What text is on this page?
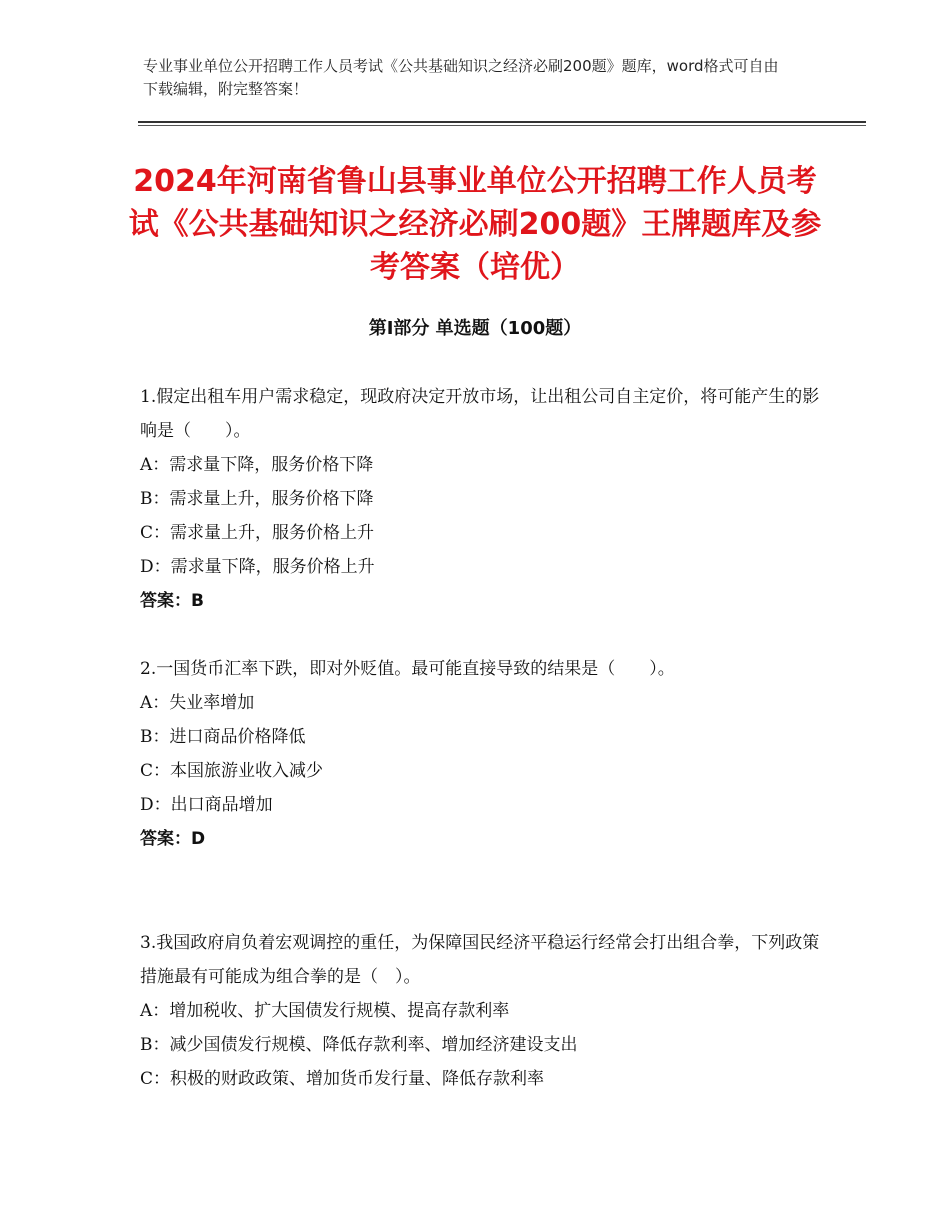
专业事业单位公开招聘工作人员考试《公共基础知识之经济必刷200题》题库，word格式可自由下载编辑，附完整答案！
2024年河南省鲁山县事业单位公开招聘工作人员考试《公共基础知识之经济必刷200题》王牌题库及参考答案（培优）
第Ⅰ部分 单选题（100题）

1.假定出租车用户需求稳定，现政府决定开放市场，让出租公司自主定价，将可能产生的影响是（　　）。

A：需求量下降，服务价格下降

B：需求量上升，服务价格下降

C：需求量上升，服务价格上升

D：需求量下降，服务价格上升

答案：B

2.一国货币汇率下跌，即对外贬值。最可能直接导致的结果是（　　）。

A：失业率增加

B：进口商品价格降低

C：本国旅游业收入减少

D：出口商品增加

答案：D

3.我国政府肩负着宏观调控的重任，为保障国民经济平稳运行经常会打出组合拳，下列政策措施最有可能成为组合拳的是（　）。

A：增加税收、扩大国债发行规模、提高存款利率

B：减少国债发行规模、降低存款利率、增加经济建设支出

C：积极的财政政策、增加货币发行量、降低存款利率
